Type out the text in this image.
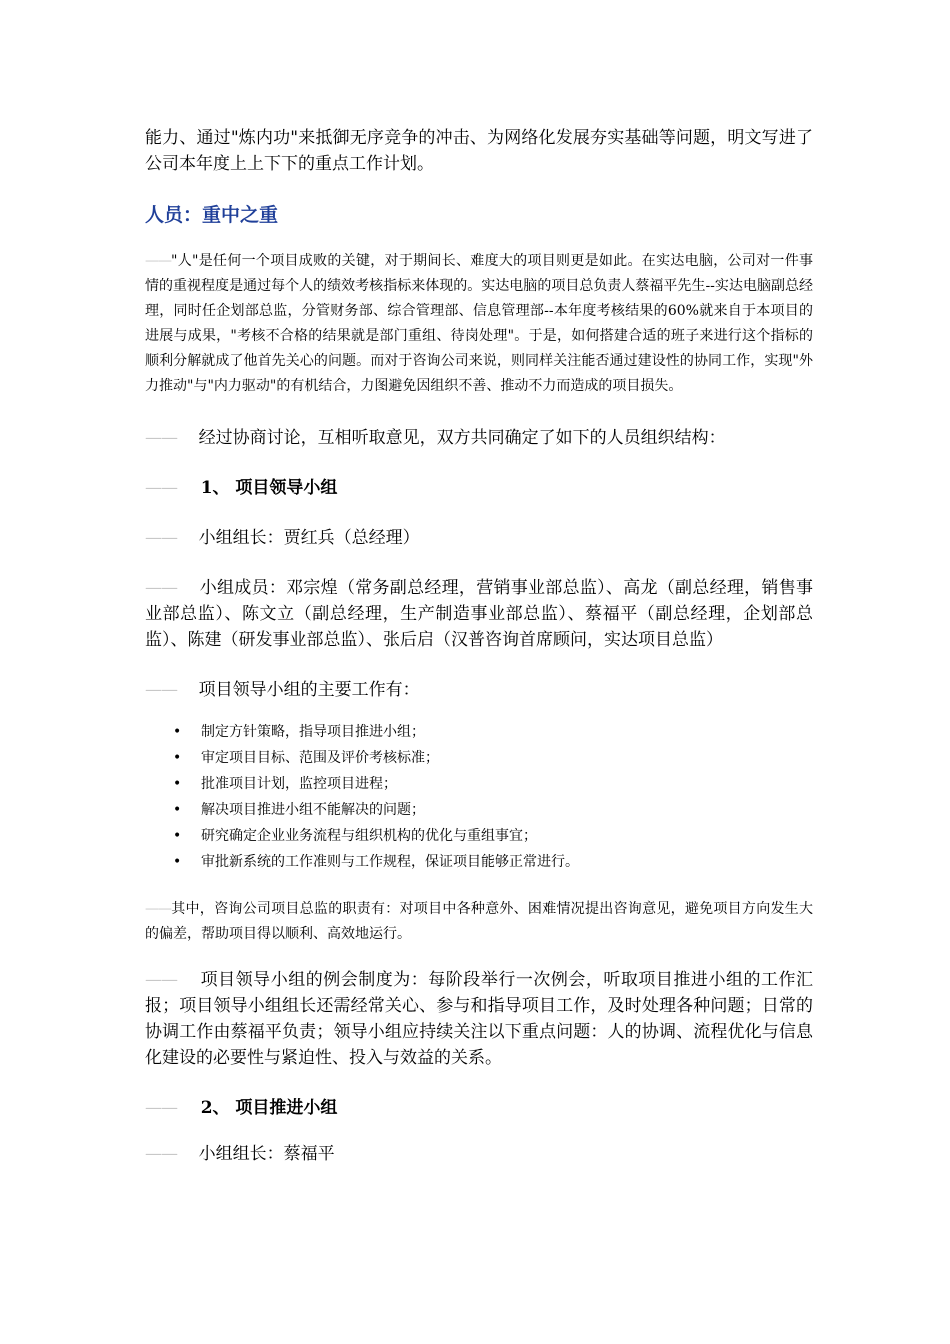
能力、通过"炼内功"来抵御无序竞争的冲击、为网络化发展夯实基础等问题，明文写进了公司本年度上上下下的重点工作计划。

人员：重中之重

——"人"是任何一个项目成败的关键，对于期间长、难度大的项目则更是如此。在实达电脑，公司对一件事情的重视程度是通过每个人的绩效考核指标来体现的。实达电脑的项目总负责人蔡福平先生--实达电脑副总经理，同时任企划部总监，分管财务部、综合管理部、信息管理部--本年度考核结果的60%就来自于本项目的进展与成果，"考核不合格的结果就是部门重组、待岗处理"。于是，如何搭建合适的班子来进行这个指标的顺利分解就成了他首先关心的问题。而对于咨询公司来说，则同样关注能否通过建设性的协同工作，实现"外力推动"与"内力驱动"的有机结合，力图避免因组织不善、推动不力而造成的项目损失。

—— 经过协商讨论，互相听取意见，双方共同确定了如下的人员组织结构：

—— 1、 项目领导小组

—— 小组组长：贾红兵（总经理）

—— 小组成员：邓宗煌（常务副总经理，营销事业部总监）、高龙（副总经理，销售事业部总监）、陈文立（副总经理，生产制造事业部总监）、蔡福平（副总经理，企划部总监）、陈建（研发事业部总监）、张后启（汉普咨询首席顾问，实达项目总监）

—— 项目领导小组的主要工作有：

• 制定方针策略，指导项目推进小组；
• 审定项目目标、范围及评价考核标准；
• 批准项目计划，监控项目进程；
• 解决项目推进小组不能解决的问题；
• 研究确定企业业务流程与组织机构的优化与重组事宜；
• 审批新系统的工作准则与工作规程，保证项目能够正常进行。

——其中，咨询公司项目总监的职责有：对项目中各种意外、困难情况提出咨询意见，避免项目方向发生大的偏差，帮助项目得以顺利、高效地运行。

—— 项目领导小组的例会制度为：每阶段举行一次例会，听取项目推进小组的工作汇报；项目领导小组组长还需经常关心、参与和指导项目工作，及时处理各种问题；日常的协调工作由蔡福平负责；领导小组应持续关注以下重点问题：人的协调、流程优化与信息化建设的必要性与紧迫性、投入与效益的关系。

—— 2、 项目推进小组

—— 小组组长：蔡福平
